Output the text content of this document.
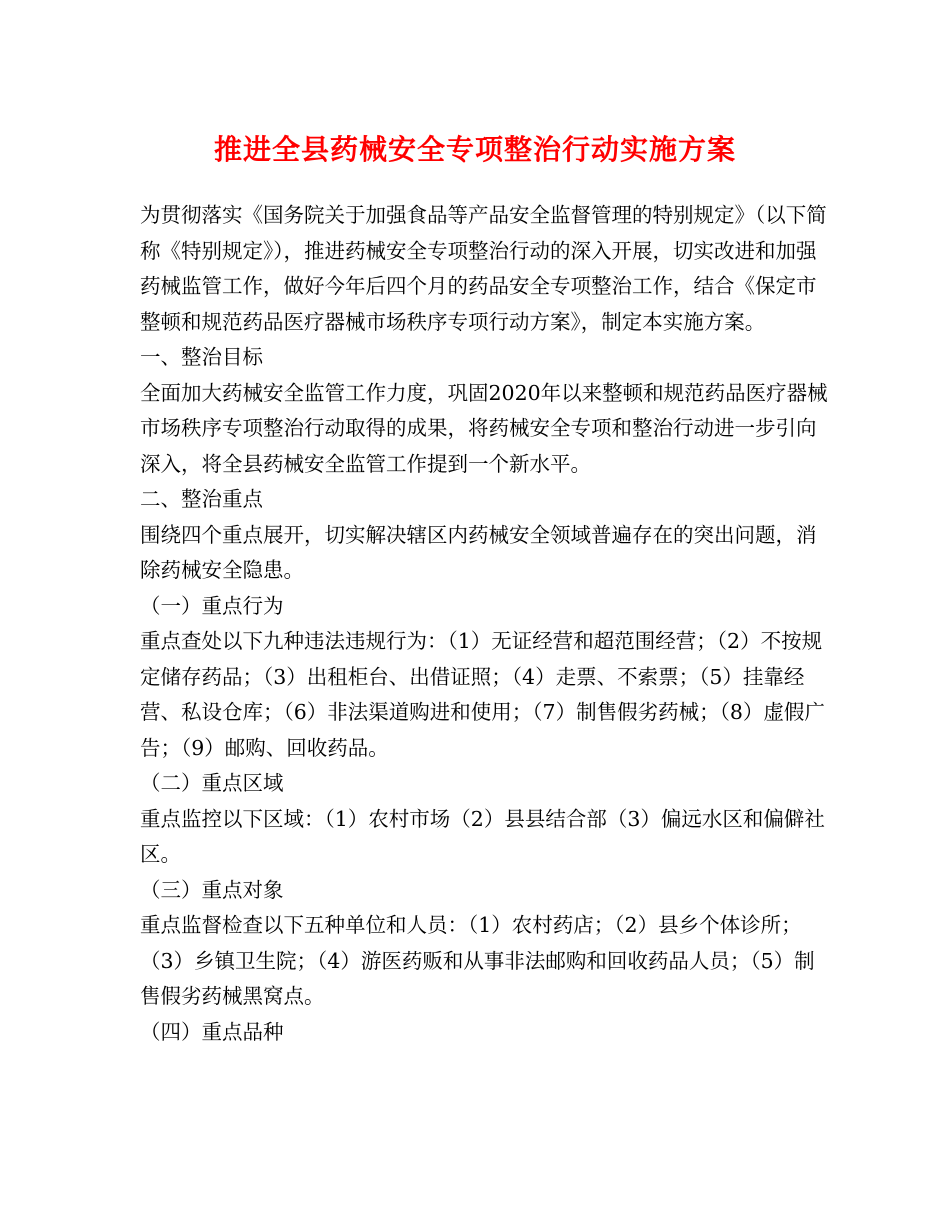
推进全县药械安全专项整治行动实施方案

为贯彻落实《国务院关于加强食品等产品安全监督管理的特别规定》（以下简称《特别规定》），推进药械安全专项整治行动的深入开展，切实改进和加强药械监管工作，做好今年后四个月的药品安全专项整治工作，结合《保定市整顿和规范药品医疗器械市场秩序专项行动方案》，制定本实施方案。

一、整治目标

全面加大药械安全监管工作力度，巩固2020年以来整顿和规范药品医疗器械市场秩序专项整治行动取得的成果，将药械安全专项和整治行动进一步引向深入，将全县药械安全监管工作提到一个新水平。

二、整治重点

围绕四个重点展开，切实解决辖区内药械安全领域普遍存在的突出问题，消除药械安全隐患。

（一）重点行为

重点查处以下九种违法违规行为：（1）无证经营和超范围经营；（2）不按规定储存药品；（3）出租柜台、出借证照；（4）走票、不索票；（5）挂靠经营、私设仓库；（6）非法渠道购进和使用；（7）制售假劣药械；（8）虚假广告；（9）邮购、回收药品。

（二）重点区域

重点监控以下区域：（1）农村市场（2）县县结合部（3）偏远水区和偏僻社区。

（三）重点对象

重点监督检查以下五种单位和人员：（1）农村药店；（2）县乡个体诊所；（3）乡镇卫生院；（4）游医药贩和从事非法邮购和回收药品人员；（5）制售假劣药械黑窝点。

（四）重点品种
